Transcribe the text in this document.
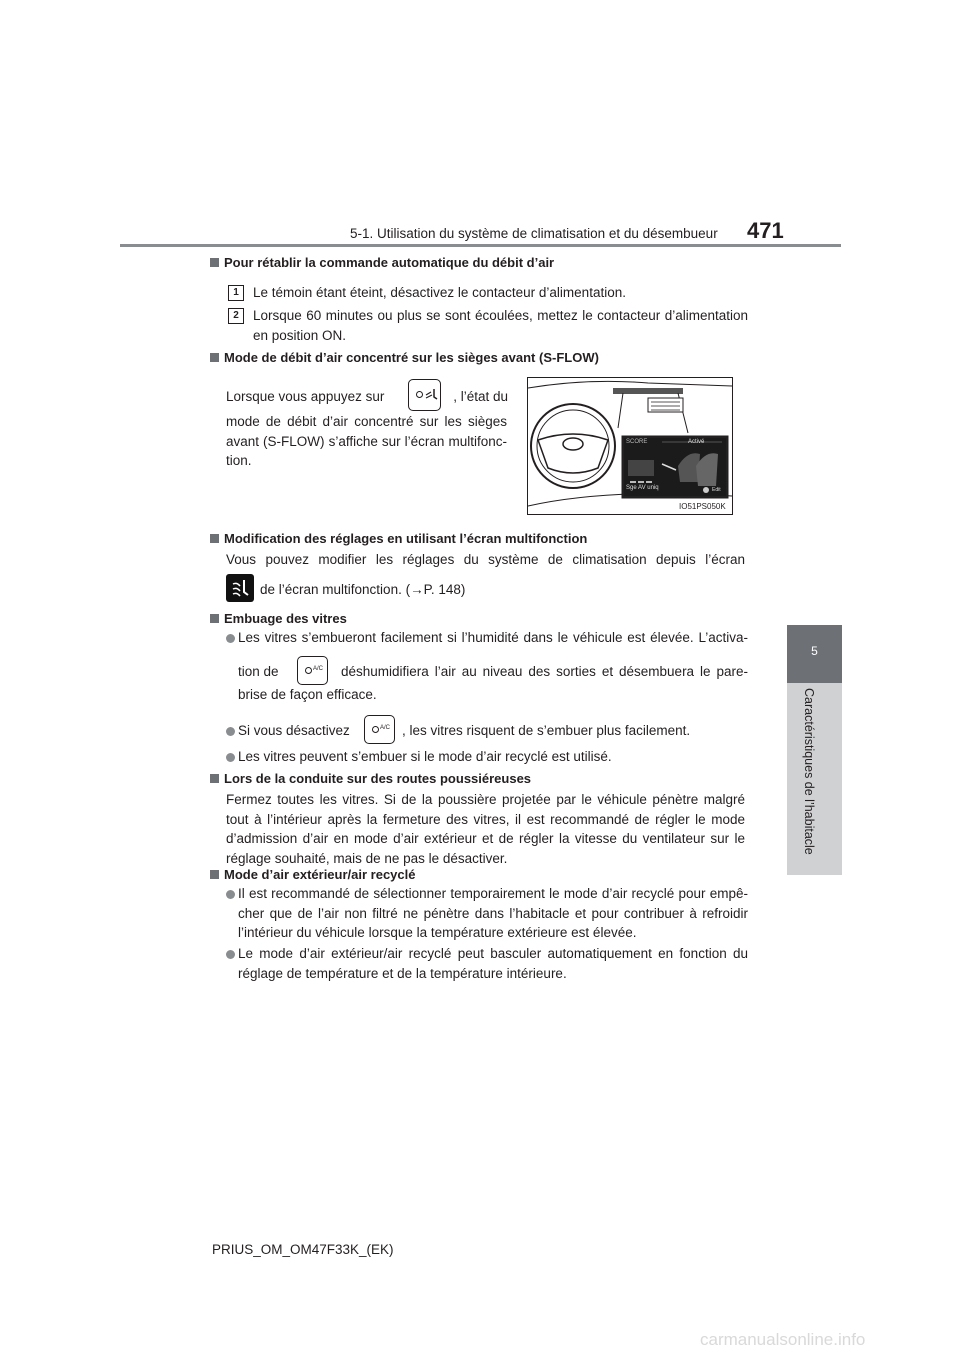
5-1. Utilisation du système de climatisation et du désembueur 471
5
Caractéristiques de l’habitacle
Pour rétablir la commande automatique du débit d’air
1	Le témoin étant éteint, désactivez le contacteur d’alimentation.
2	Lorsque 60 minutes ou plus se sont écoulées, mettez le contacteur d’alimentation en position ON.
Mode de débit d’air concentré sur les sièges avant (S-FLOW)
Lorsque vous appuyez sur	, l’état du
mode de débit d’air concentré sur les sièges avant (S-FLOW) s’affiche sur l’écran multifonc-tion.
SCORE	Activé
Sge AV uniq	Edit
IO51PS050K
Modification des réglages en utilisant l’écran multifonction
Vous pouvez modifier les réglages du système de climatisation depuis l’écran
de l’écran multifonction. (→P. 148)
Embuage des vitres
Les vitres s’embueront facilement si l’humidité dans le véhicule est élevée. L’activa-
tion de	A/C déshumidifiera l’air au niveau des sorties et désembuera le pare-
brise de façon efficace.
Si vous désactivez	A/C , les vitres risquent de s’embuer plus facilement.
Les vitres peuvent s’embuer si le mode d’air recyclé est utilisé.
Lors de la conduite sur des routes poussiéreuses
Fermez toutes les vitres. Si de la poussière projetée par le véhicule pénètre malgré tout à l’intérieur après la fermeture des vitres, il est recommandé de régler le mode d’admission d’air en mode d’air extérieur et de régler la vitesse du ventilateur sur le réglage souhaité, mais de ne pas le désactiver.
Mode d’air extérieur/air recyclé
Il est recommandé de sélectionner temporairement le mode d’air recyclé pour empê-cher que de l’air non filtré ne pénètre dans l’habitacle et pour contribuer à refroidir l’intérieur du véhicule lorsque la température extérieure est élevée.
Le mode d’air extérieur/air recyclé peut basculer automatiquement en fonction du réglage de température et de la température intérieure.
PRIUS_OM_OM47F33K_(EK)
carmanualsonline.info
